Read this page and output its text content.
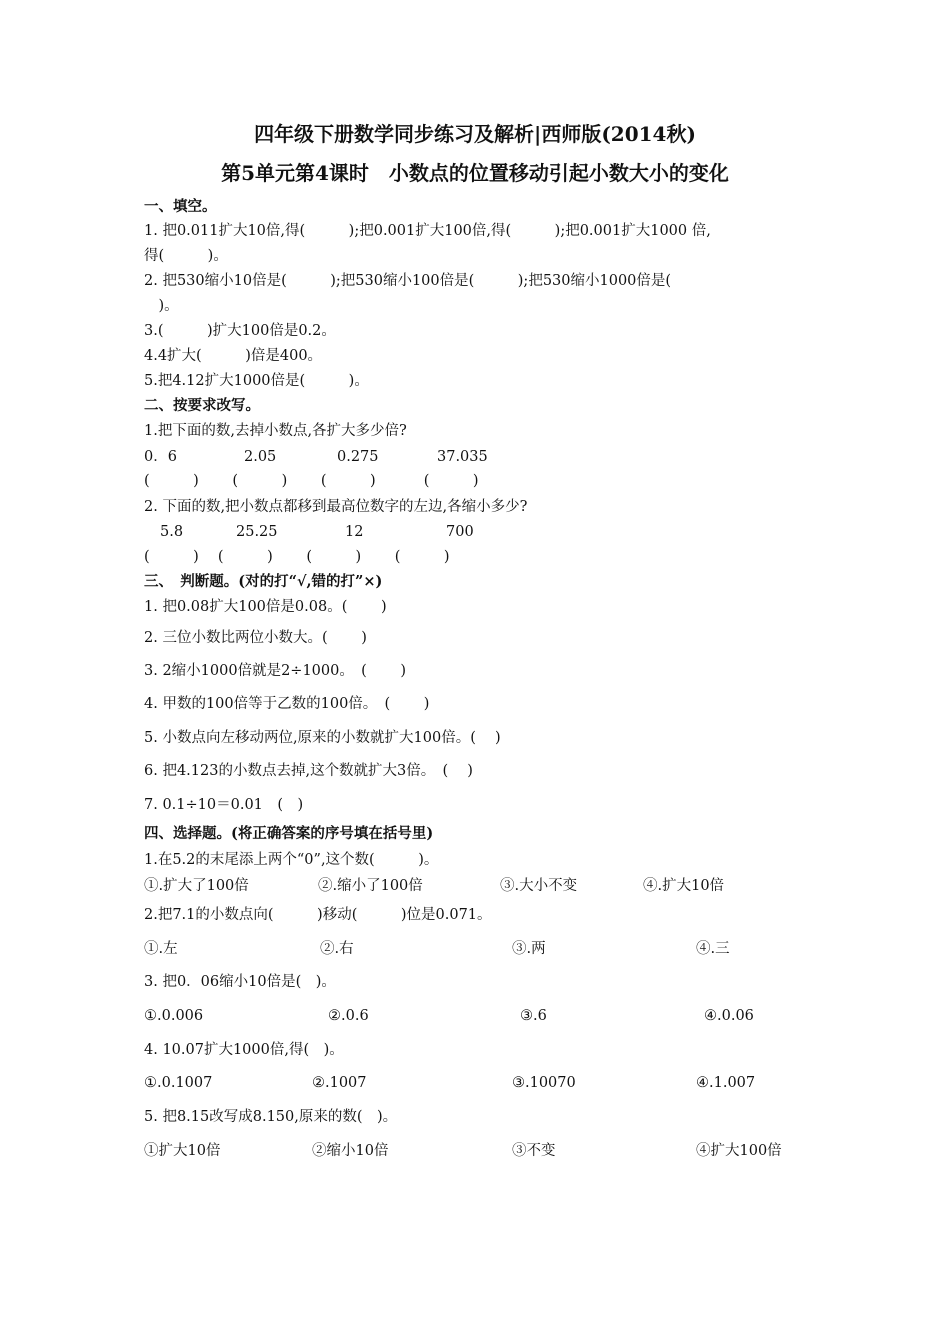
四年级下册数学同步练习及解析|西师版(2014秋)
第5单元第4课时　小数点的位置移动引起小数大小的变化
一、填空。
1. 把0.011扩大10倍,得(　　　);把0.001扩大100倍,得(　　　);把0.001扩大1000 倍,
得(　　　)。
2. 把530缩小10倍是(　　　);把530缩小100倍是(　　　);把530缩小1000倍是(
　)。
3.(　　　)扩大100倍是0.2。
4.4扩大(　　　)倍是400。
5.把4.12扩大1000倍是(　　　)。
二、按要求改写。
1.把下面的数,去掉小数点,各扩大多少倍?
0．6	2.05	0.275	37.035
(　　　)　　 (　　　)　　 (　　　)　　　 (　　　)
2. 下面的数,把小数点都移到最高位数字的左边,各缩小多少?
5.8	25.25	12	700
(　　　)　 (　　　)　　 (　　　)　　 (　　　)
三、　判断题。(对的打“√,错的打”×)
1. 把0.08扩大100倍是0.08。(　　 )
2. 三位小数比两位小数大。(　　 )
3. 2缩小1000倍就是2÷1000。　(　　 )
4. 甲数的100倍等于乙数的100倍。　(　　 )
5. 小数点向左移动两位,原来的小数就扩大100倍。( 　)
6. 把4.123的小数点去掉,这个数就扩大3倍。　( 　)
7. 0.1÷10＝0.01　(　)
四、选择题。(将正确答案的序号填在括号里)
1.在5.2的末尾添上两个“0”,这个数(　　　)。
①.扩大了100倍	②.缩小了100倍	③.大小不变	④.扩大10倍
2.把7.1的小数点向(　　　)移动(　　　)位是0.071。
①.左	②.右	③.两	④.三
3. 把0．06缩小10倍是(　)。
①.0.006	②.0.6	③.6	④.0.06
4. 10.07扩大1000倍,得(　)。
①.0.1007	②.1007	③.10070	④.1.007
5. 把8.15改写成8.150,原来的数(　)。
①扩大10倍	②缩小10倍	③不变	④扩大100倍
